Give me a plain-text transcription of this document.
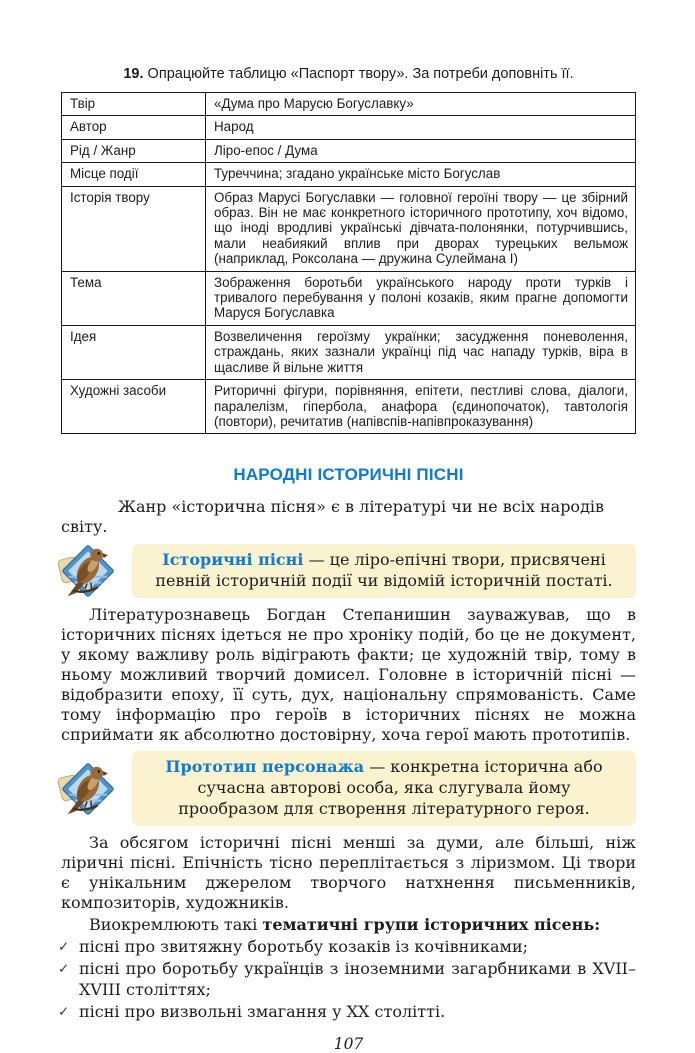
19. Опрацюйте таблицю «Паспорт твору». За потреби доповніть її.
Твір	«Дума про Марусю Богуславку»
Автор	Народ
Рід / Жанр	Ліро-епос / Дума
Місце події	Туреччина; згадано українське місто Богуслав
Історія твору	Образ Марусі Богуславки — головної героїні твору — це збірний образ. Він не має конкретного історичного прототипу, хоч відомо, що іноді вродливі українські дівчата-полонянки, потурчившись, мали неабиякий вплив при дворах турецьких вельмож (наприклад, Роксолана — дружина Сулеймана І)
Тема	Зображення боротьби українського народу проти турків і тривалого перебування у полоні козаків, яким прагне допомогти Маруся Богуславка
Ідея	Возвеличення героїзму українки; засудження поневолення, страждань, яких зазнали українці під час нападу турків, віра в щасливе й вільне життя
Художні засоби	Риторичні фігури, порівняння, епітети, пестливі слова, діалоги, паралелізм, гіпербола, анафора (єдинопочаток), тавтологія (повтори), речитатив (напівспів-напівпроказування)
НАРОДНІ ІСТОРИЧНІ ПІСНІ

Жанр «історична пісня» є в літературі чи не всіх народів світу.

Історичні пісні — це ліро-епічні твори, присвячені певній історичній події чи відомій історичній постаті.

Літературознавець Богдан Степанишин зауважував, що в історичних піснях ідеться не про хроніку подій, бо це не документ, у якому важливу роль відіграють факти; це художній твір, тому в ньому можливий творчий домисел. Головне в історичній пісні — відобразити епоху, її суть, дух, національну спрямованість. Саме тому інформацію про героїв в історичних піснях не можна сприймати як абсолютно достовірну, хоча герої мають прототипів.

Прототип персонажа — конкретна історична або сучасна авторові особа, яка слугувала йому прообразом для створення літературного героя.

За обсягом історичні пісні менші за думи, але більші, ніж ліричні пісні. Епічність тісно переплітається з ліризмом. Ці твори є унікальним джерелом творчого натхнення письменників, композиторів, художників.

Виокремлюють такі тематичні групи історичних пісень:
✓ пісні про звитяжну боротьбу козаків із кочівниками;
✓ пісні про боротьбу українців з іноземними загарбниками в XVII–XVIII століттях;
✓ пісні про визвольні змагання у XX столітті.
107
